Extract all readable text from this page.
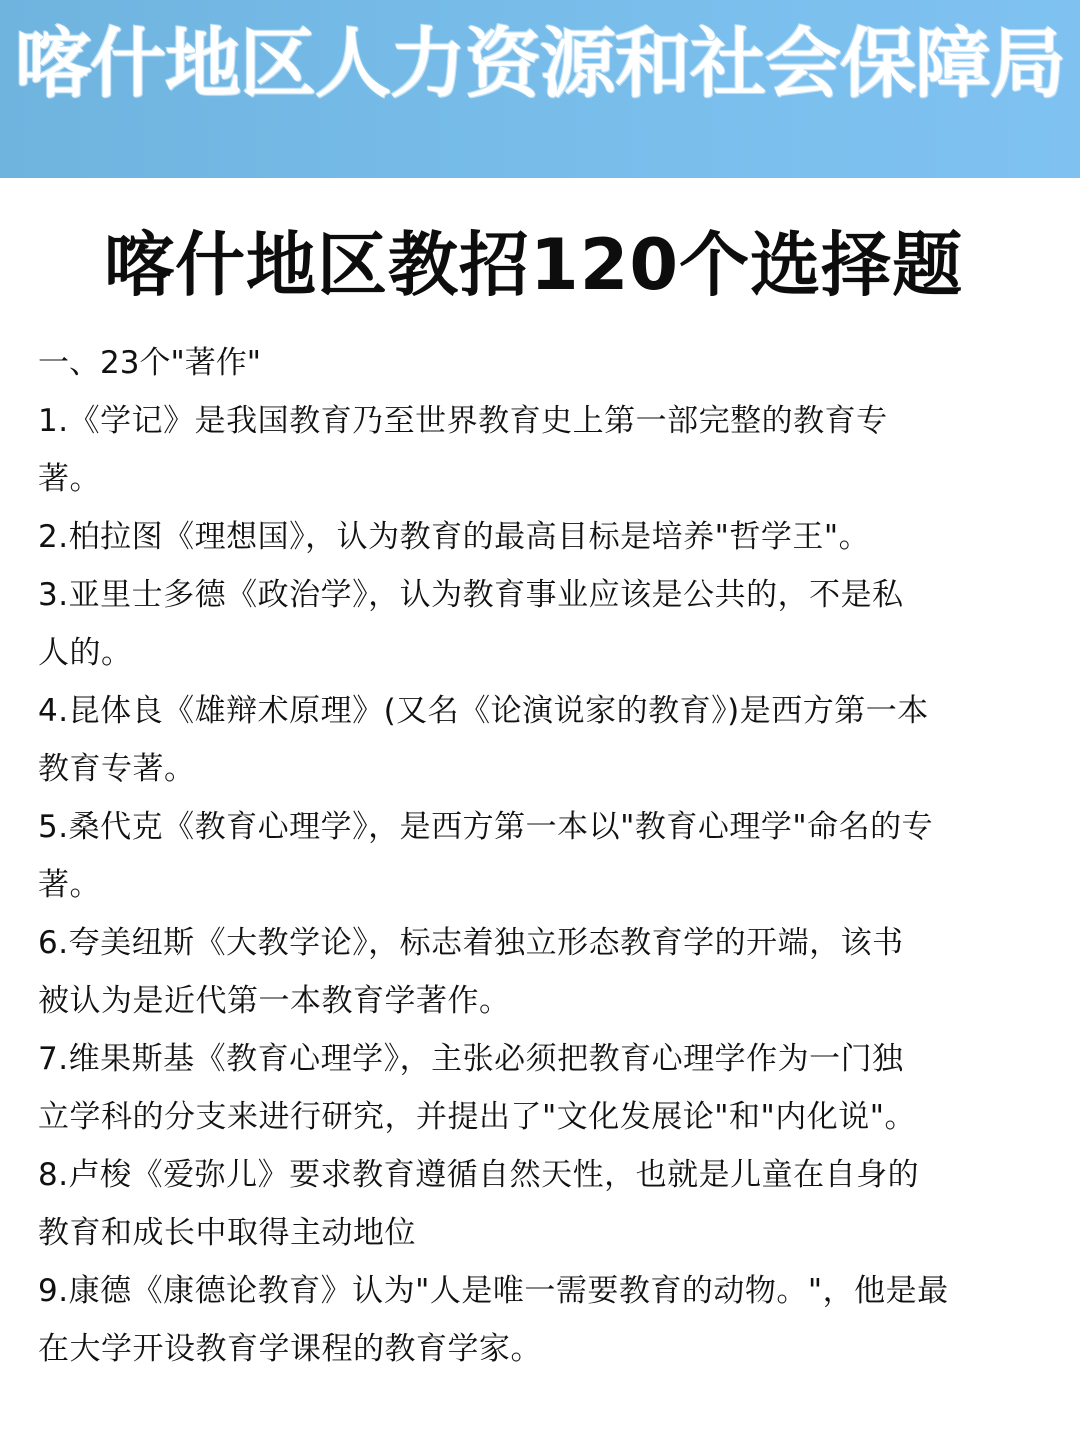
喀什地区人力资源和社会保障局
喀什地区教招120个选择题
一、23个"著作"
1.《学记》是我国教育乃至世界教育史上第一部完整的教育专
著。
2.柏拉图《理想国》，认为教育的最高目标是培养"哲学王"。
3.亚里士多德《政治学》，认为教育事业应该是公共的，不是私
人的。
4.昆体良《雄辩术原理》(又名《论演说家的教育》)是西方第一本
教育专著。
5.桑代克《教育心理学》，是西方第一本以"教育心理学"命名的专
著。
6.夸美纽斯《大教学论》，标志着独立形态教育学的开端，该书
被认为是近代第一本教育学著作。
7.维果斯基《教育心理学》，主张必须把教育心理学作为一门独
立学科的分支来进行研究，并提出了"文化发展论"和"内化说"。
8.卢梭《爱弥儿》要求教育遵循自然天性，也就是儿童在自身的
教育和成长中取得主动地位
9.康德《康德论教育》认为"人是唯一需要教育的动物。"，他是最
在大学开设教育学课程的教育学家。
